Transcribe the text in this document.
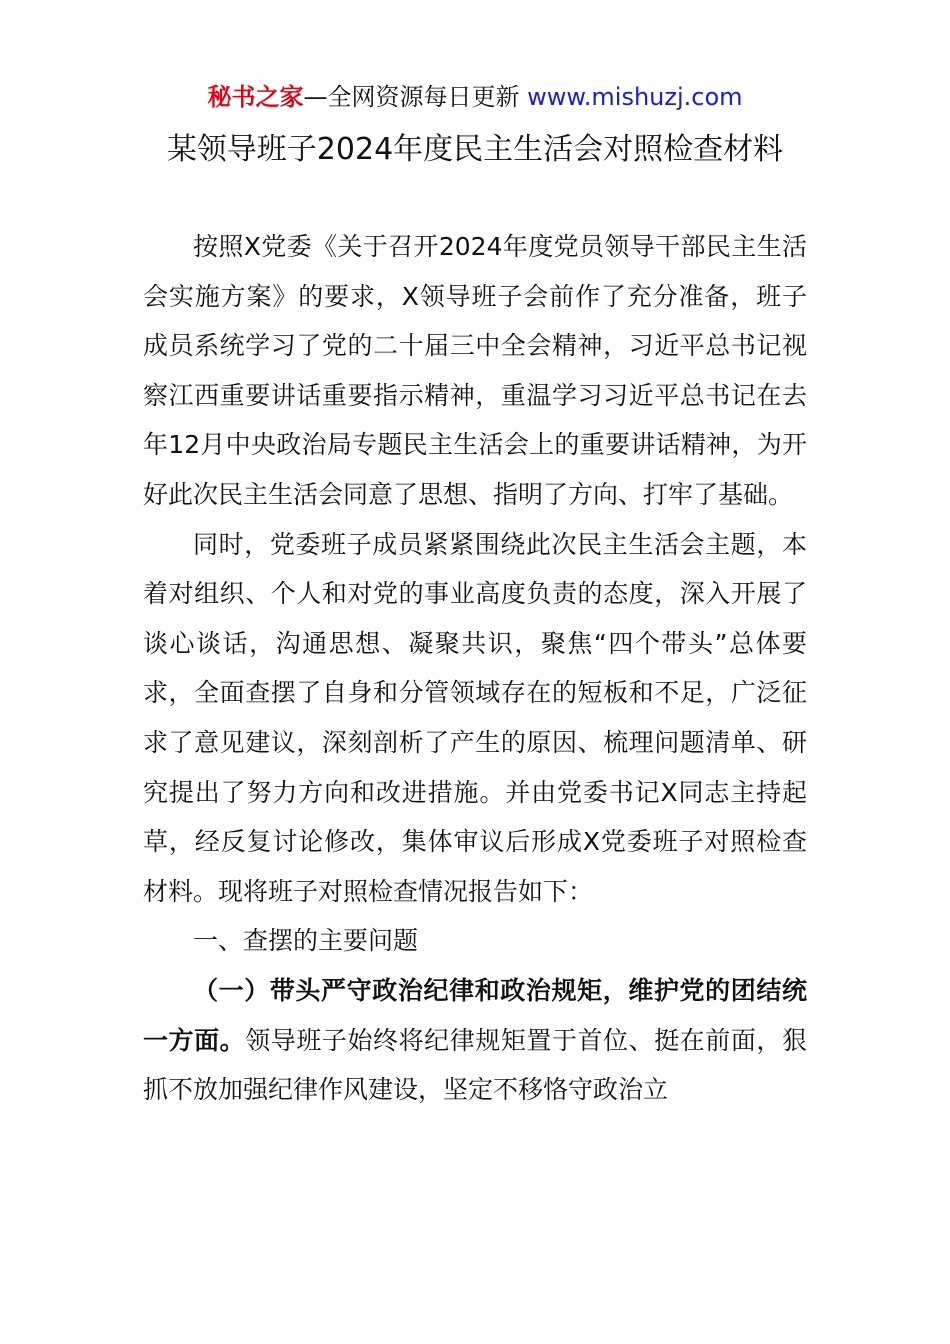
秘书之家—全网资源每日更新 www.mishuzj.com
某领导班子2024年度民主生活会对照检查材料

按照X党委《关于召开2024年度党员领导干部民主生活会实施方案》的要求，X领导班子会前作了充分准备，班子成员系统学习了党的二十届三中全会精神，习近平总书记视察江西重要讲话重要指示精神，重温学习习近平总书记在去年12月中央政治局专题民主生活会上的重要讲话精神，为开好此次民主生活会同意了思想、指明了方向、打牢了基础。

同时，党委班子成员紧紧围绕此次民主生活会主题，本着对组织、个人和对党的事业高度负责的态度，深入开展了谈心谈话，沟通思想、凝聚共识，聚焦“四个带头”总体要求，全面查摆了自身和分管领域存在的短板和不足，广泛征求了意见建议，深刻剖析了产生的原因、梳理问题清单、研究提出了努力方向和改进措施。并由党委书记X同志主持起草，经反复讨论修改，集体审议后形成X党委班子对照检查材料。现将班子对照检查情况报告如下：

一、查摆的主要问题

（一）带头严守政治纪律和政治规矩，维护党的团结统一方面。领导班子始终将纪律规矩置于首位、挺在前面，狠抓不放加强纪律作风建设，坚定不移恪守政治立
